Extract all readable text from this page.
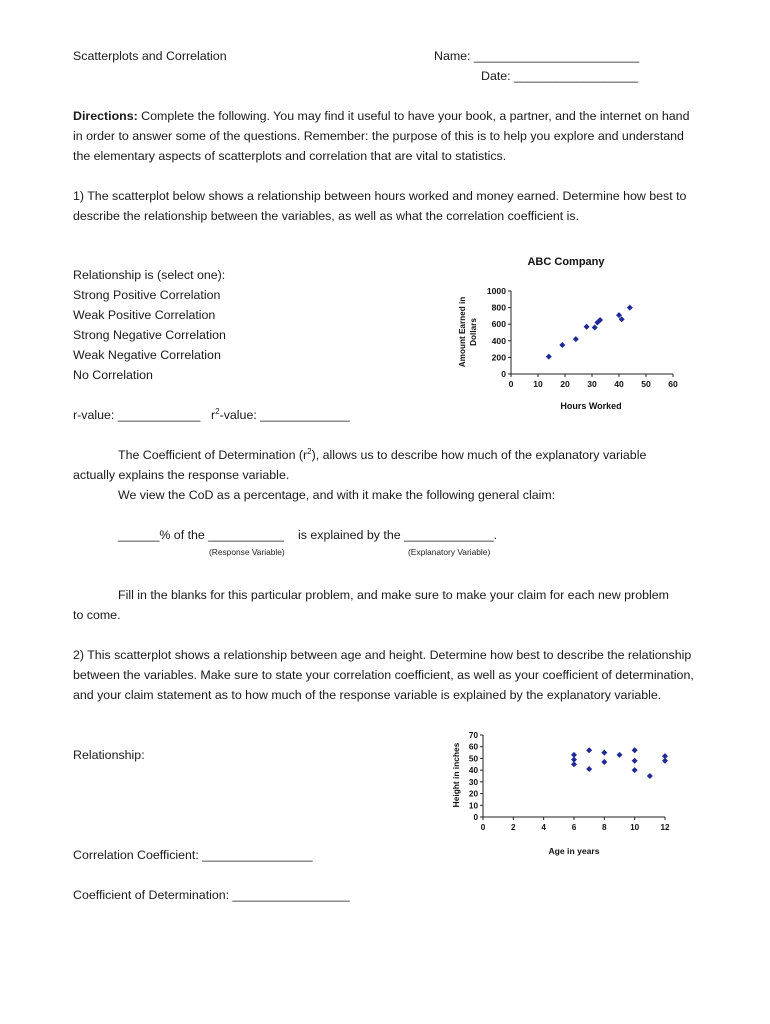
Scatterplots and Correlation	Name: ________________________
Date: __________________
Directions: Complete the following. You may find it useful to have your book, a partner, and the internet on hand in order to answer some of the questions. Remember: the purpose of this is to help you explore and understand the elementary aspects of scatterplots and correlation that are vital to statistics.
1) The scatterplot below shows a relationship between hours worked and money earned. Determine how best to describe the relationship between the variables, as well as what the correlation coefficient is.
Relationship is (select one):
Strong Positive Correlation
Weak Positive Correlation
Strong Negative Correlation
Weak Negative Correlation
No Correlation
r-value: ____________ $r^2$-value: _____________
ABC Company
Amount Earned in Dollars
Hours Worked
0
200
400
600
800
1000
0 10 20 30 40 50 60
The Coefficient of Determination $(r^2)$, allows us to describe how much of the explanatory variable
actually explains the response variable.
We view the CoD as a percentage, and with it make the following general claim:
______% of the ___________ is explained by the _____________.
(Response Variable)	(Explanatory Variable)
Fill in the blanks for this particular problem, and make sure to make your claim for each new problem
to come.
2) This scatterplot shows a relationship between age and height. Determine how best to describe the relationship between the variables. Make sure to state your correlation coefficient, as well as your coefficient of determination, and your claim statement as to how much of the response variable is explained by the explanatory variable.
Relationship:	Height in inches
Age in years
0
10
20
30
40
50
60
70
0	2	4	6	8	10	12
Correlation Coefficient: ________________
Coefficient of Determination: _________________
